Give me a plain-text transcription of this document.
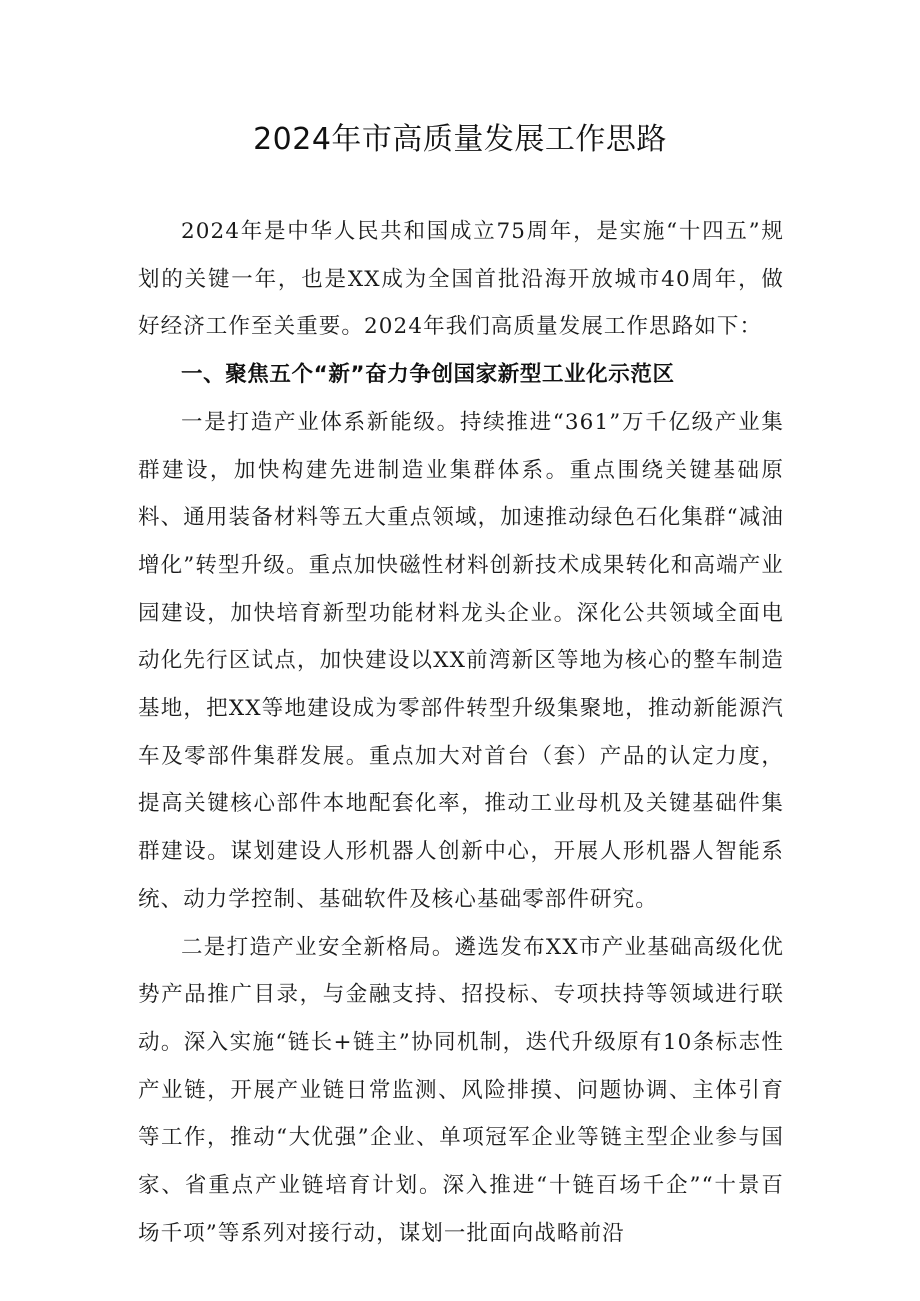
2024年市高质量发展工作思路

2024年是中华人民共和国成立75周年，是实施“十四五”规划的关键一年，也是XX成为全国首批沿海开放城市40周年，做好经济工作至关重要。2024年我们高质量发展工作思路如下：

一、聚焦五个“新”奋力争创国家新型工业化示范区

一是打造产业体系新能级。持续推进“361”万千亿级产业集群建设，加快构建先进制造业集群体系。重点围绕关键基础原料、通用装备材料等五大重点领域，加速推动绿色石化集群“减油增化”转型升级。重点加快磁性材料创新技术成果转化和高端产业园建设，加快培育新型功能材料龙头企业。深化公共领域全面电动化先行区试点，加快建设以XX前湾新区等地为核心的整车制造基地，把XX等地建设成为零部件转型升级集聚地，推动新能源汽车及零部件集群发展。重点加大对首台（套）产品的认定力度，提高关键核心部件本地配套化率，推动工业母机及关键基础件集群建设。谋划建设人形机器人创新中心，开展人形机器人智能系统、动力学控制、基础软件及核心基础零部件研究。

二是打造产业安全新格局。遴选发布XX市产业基础高级化优势产品推广目录，与金融支持、招投标、专项扶持等领域进行联动。深入实施“链长+链主”协同机制，迭代升级原有10条标志性产业链，开展产业链日常监测、风险排摸、问题协调、主体引育等工作，推动“大优强”企业、单项冠军企业等链主型企业参与国家、省重点产业链培育计划。深入推进“十链百场千企”“十景百场千项”等系列对接行动，谋划一批面向战略前沿
